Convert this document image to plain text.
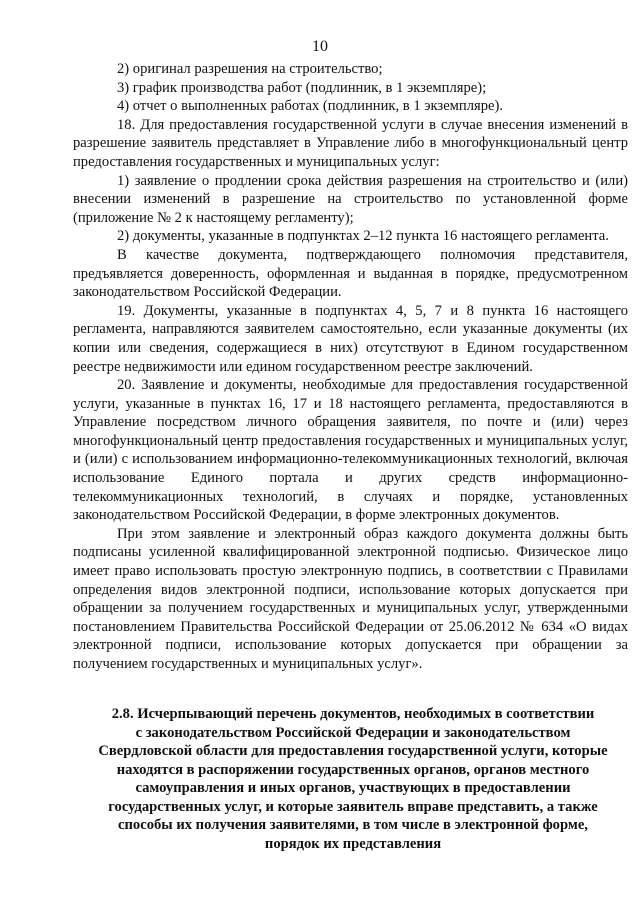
10

2) оригинал разрешения на строительство;

3) график производства работ (подлинник, в 1 экземпляре);

4) отчет о выполненных работах (подлинник, в 1 экземпляре).

18. Для предоставления государственной услуги в случае внесения изменений в разрешение заявитель представляет в Управление либо в многофункциональный центр предоставления государственных и муниципальных услуг:

1) заявление о продлении срока действия разрешения на строительство и (или) внесении изменений в разрешение на строительство по установленной форме (приложение № 2 к настоящему регламенту);

2) документы, указанные в подпунктах 2–12 пункта 16 настоящего регламента.

В качестве документа, подтверждающего полномочия представителя, предъявляется доверенность, оформленная и выданная в порядке, предусмотренном законодательством Российской Федерации.

19. Документы, указанные в подпунктах 4, 5, 7 и 8 пункта 16 настоящего регламента, направляются заявителем самостоятельно, если указанные документы (их копии или сведения, содержащиеся в них) отсутствуют в Едином государственном реестре недвижимости или едином государственном реестре заключений.

20. Заявление и документы, необходимые для предоставления государственной услуги, указанные в пунктах 16, 17 и 18 настоящего регламента, предоставляются в Управление посредством личного обращения заявителя, по почте и (или) через многофункциональный центр предоставления государственных и муниципальных услуг, и (или) с использованием информационно-телекоммуникационных технологий, включая использование Единого портала и других средств информационно-телекоммуникационных технологий, в случаях и порядке, установленных законодательством Российской Федерации, в форме электронных документов.

При этом заявление и электронный образ каждого документа должны быть подписаны усиленной квалифицированной электронной подписью. Физическое лицо имеет право использовать простую электронную подпись, в соответствии с Правилами определения видов электронной подписи, использование которых допускается при обращении за получением государственных и муниципальных услуг, утвержденными постановлением Правительства Российской Федерации от 25.06.2012 № 634 «О видах электронной подписи, использование которых допускается при обращении за получением государственных и муниципальных услуг».

2.8. Исчерпывающий перечень документов, необходимых в соответствии
с законодательством Российской Федерации и законодательством
Свердловской области для предоставления государственной услуги, которые
находятся в распоряжении государственных органов, органов местного
самоуправления и иных органов, участвующих в предоставлении
государственных услуг, и которые заявитель вправе представить, а также
способы их получения заявителями, в том числе в электронной форме,
порядок их представления
